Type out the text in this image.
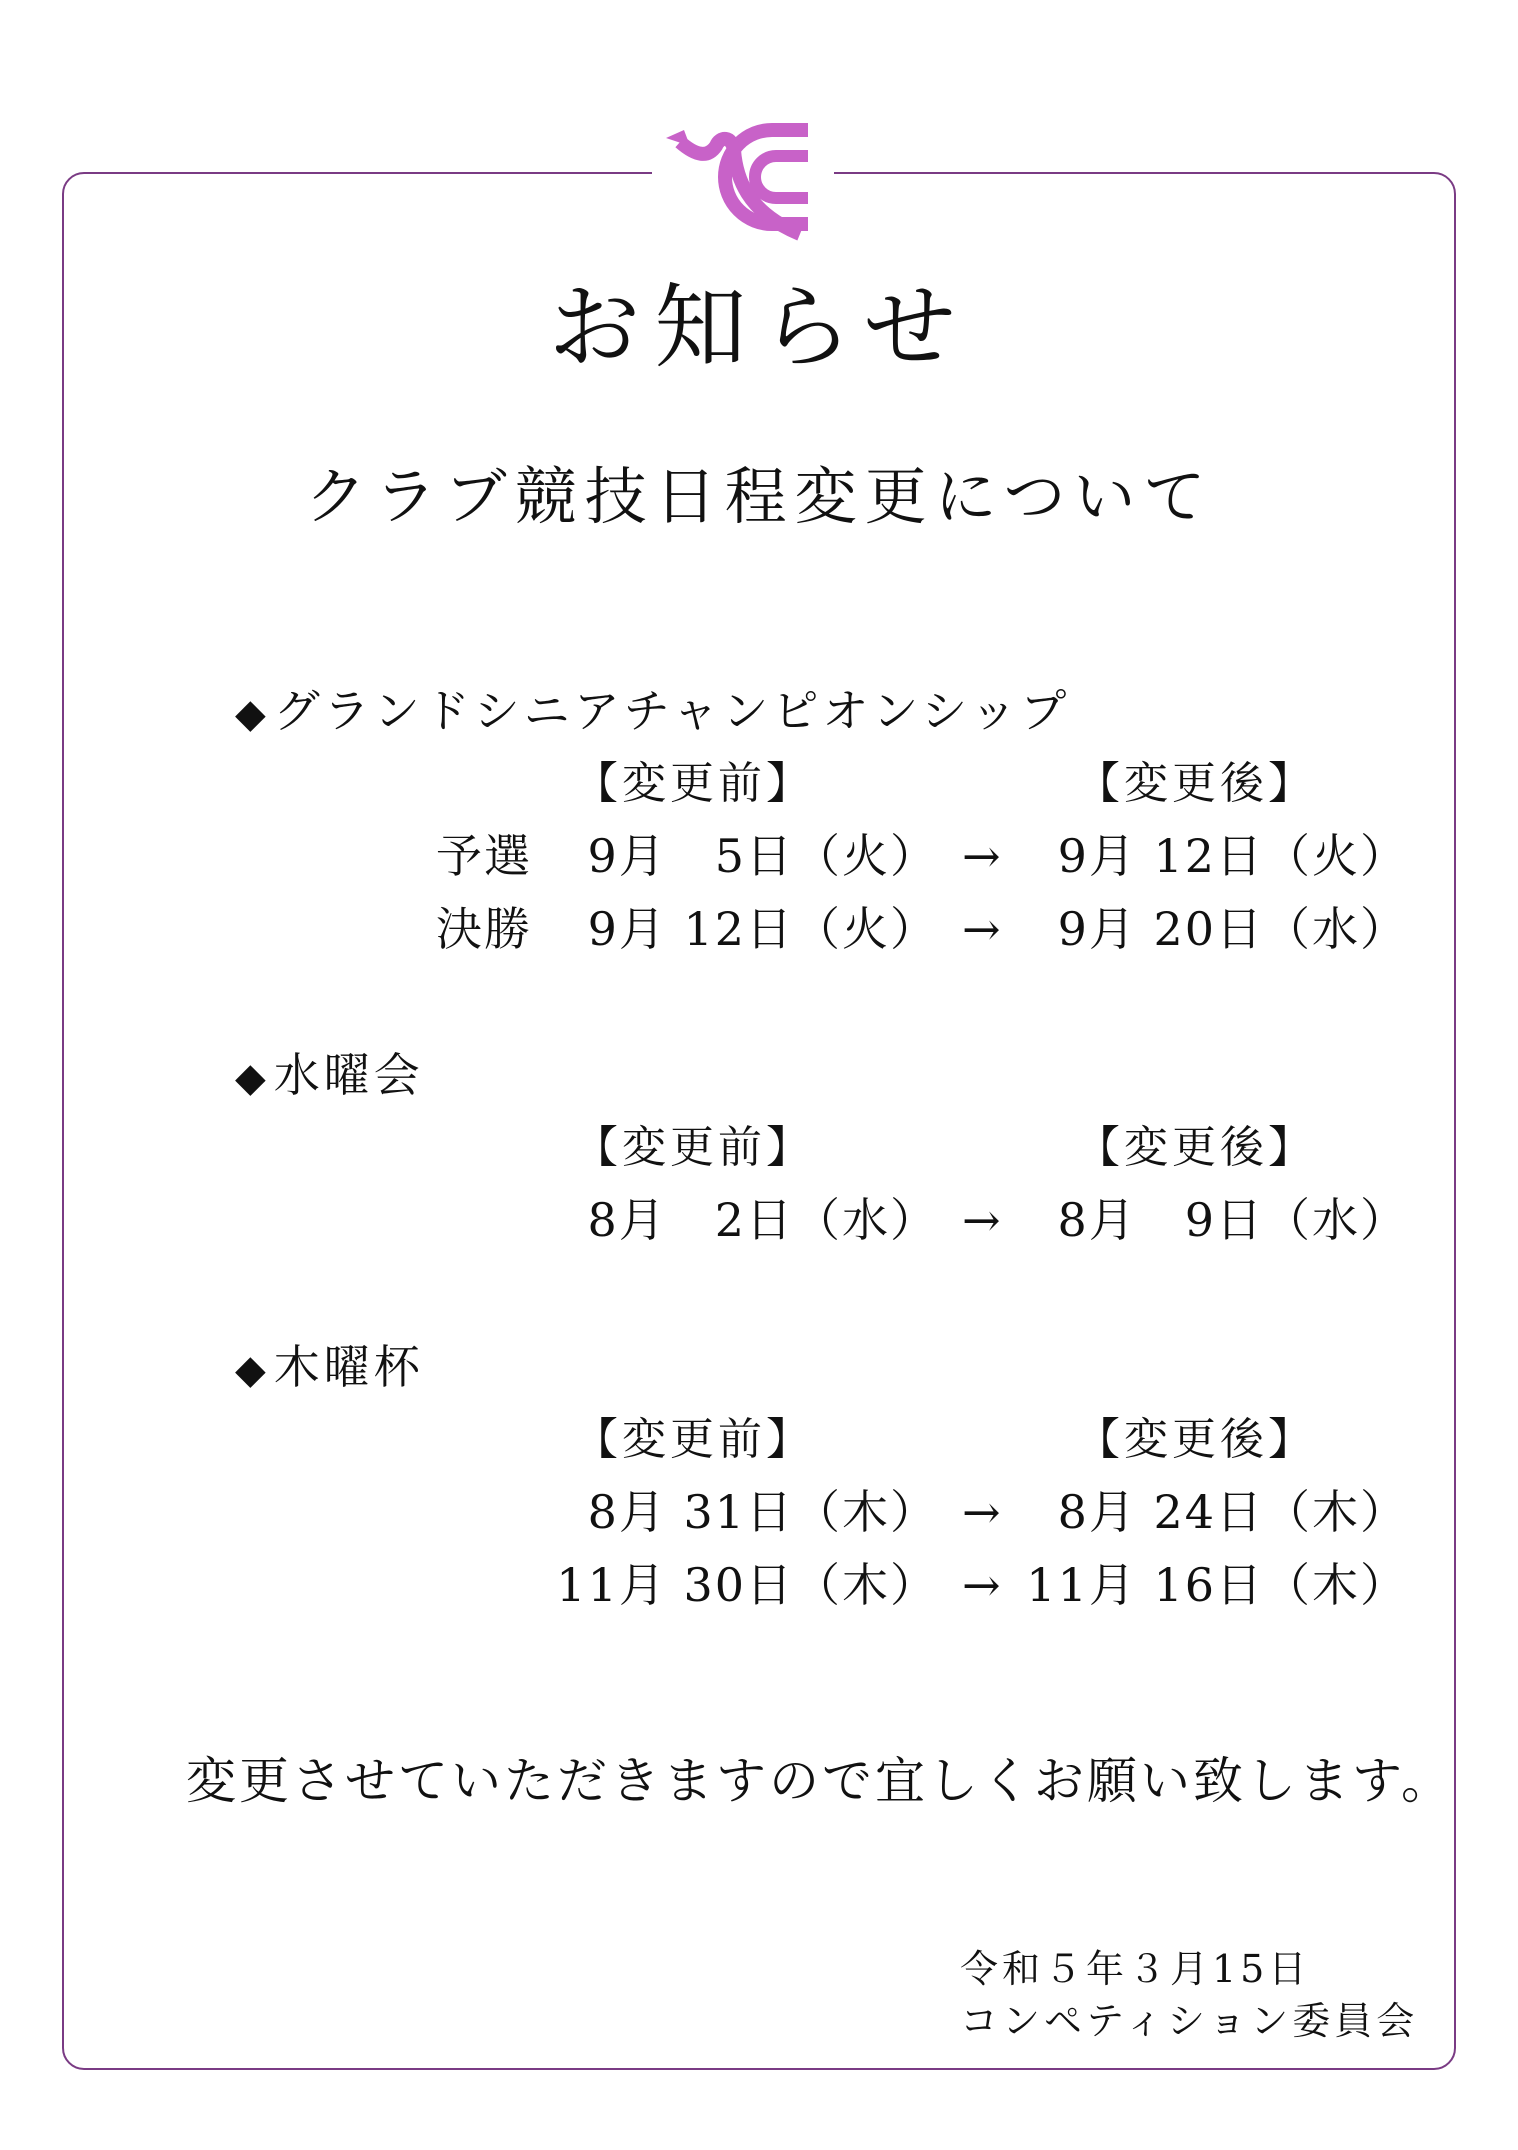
お知らせ
クラブ競技日程変更について
◆グランドシニアチャンピオンシップ
【変更前】	【変更後】
予選 9月　5日（火） → 9月 12日（火）
決勝 9月 12日（火） → 9月 20日（水）
◆水曜会
【変更前】	【変更後】
8月　2日（水） → 8月　9日（水）
◆木曜杯
【変更前】	【変更後】
8月 31日（木） → 8月 24日（木）
11月 30日（木） → 11月 16日（木）
変更させていただきますので宜しくお願い致します。
令和５年３月15日
コンペティション委員会
